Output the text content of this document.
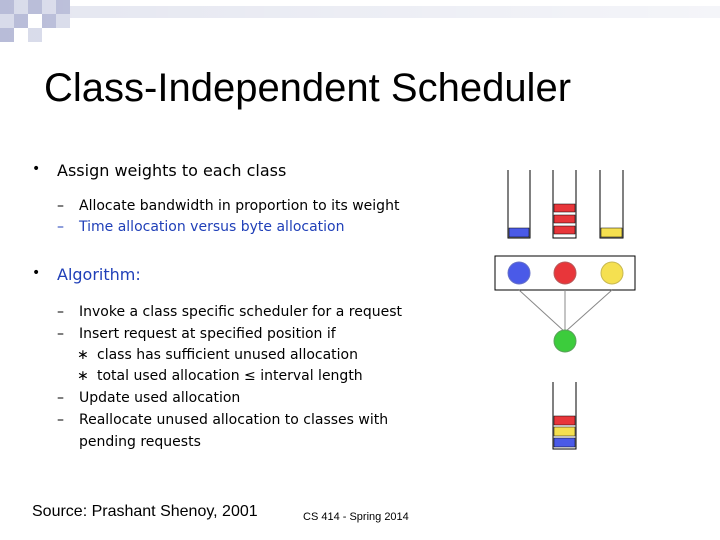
Class-Independent Scheduler
• Assign weights to each class
– Allocate bandwidth in proportion to its weight
– Time allocation versus byte allocation
• Algorithm:
– Invoke a class specific scheduler for a request
– Insert request at specified position if
∗ class has sufficient unused allocation
∗ total used allocation ≤ interval length
– Update used allocation
– Reallocate unused allocation to classes with
pending requests
Source: Prashant Shenoy, 2001	CS 414 - Spring 2014
